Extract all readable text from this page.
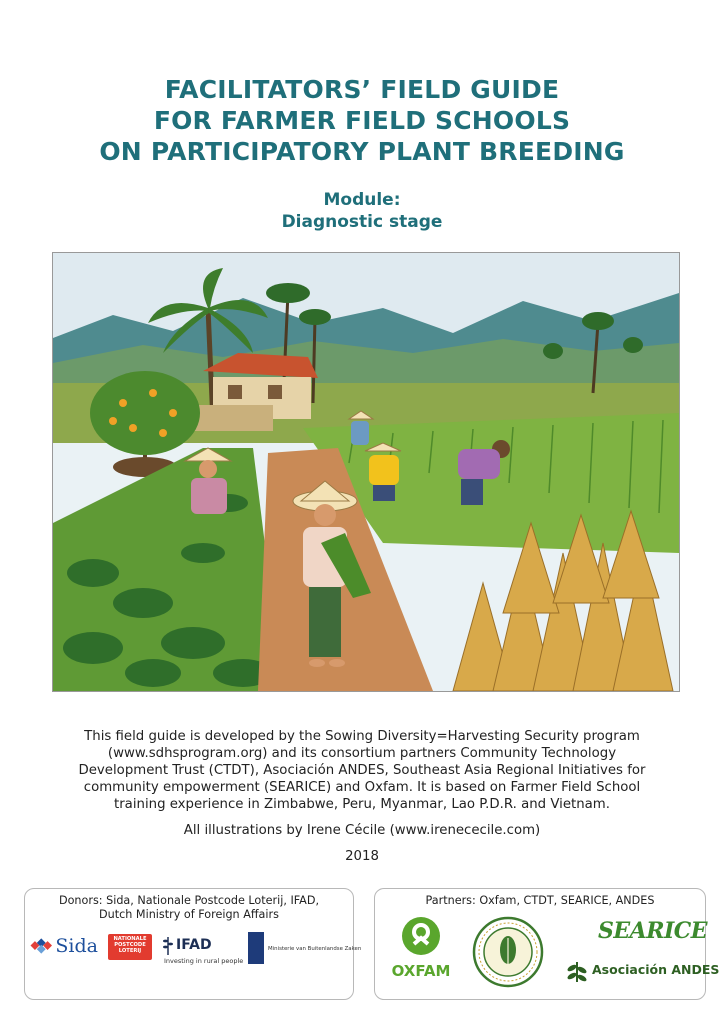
FACILITATORS’ FIELD GUIDE
FOR FARMER FIELD SCHOOLS
ON PARTICIPATORY PLANT BREEDING
Module:
Diagnostic stage
This field guide is developed by the Sowing Diversity=Harvesting Security program
(www.sdhsprogram.org) and its consortium partners Community Technology
Development Trust (CTDT), Asociación ANDES, Southeast Asia Regional Initiatives for
community empowerment (SEARICE) and Oxfam. It is based on Farmer Field School
training experience in Zimbabwe, Peru, Myanmar, Lao P.D.R. and Vietnam.
All illustrations by Irene Cécile (www.irenececile.com)
2018
Donors: Sida, Nationale Postcode Loterij, IFAD,
Dutch Ministry of Foreign Affairs
Sida	NATIONALE
POSTCODE
LOTERIJ	IFAD
Investing in rural people
Ministerie van Buitenlandse Zaken
Partners: Oxfam, CTDT, SEARICE, ANDES
OXFAM
SEARICE
Asociación ANDES
